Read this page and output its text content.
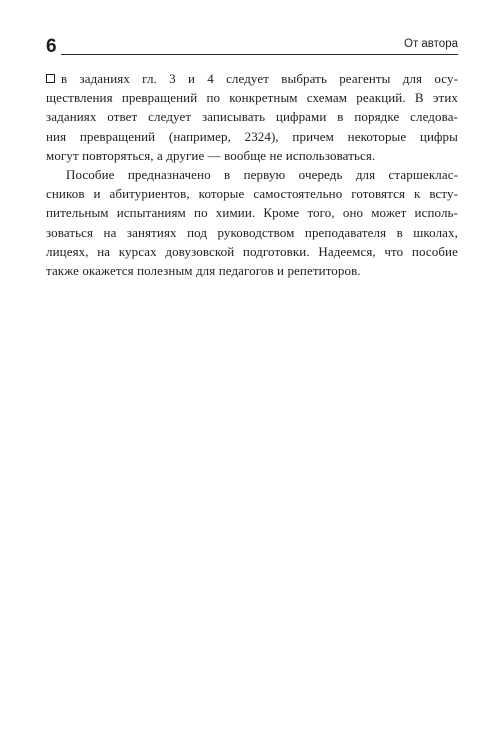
6	От автора
в заданиях гл. 3 и 4 следует выбрать реагенты для осу-
ществления превращений по конкретным схемам реакций. В этих
заданиях ответ следует записывать цифрами в порядке следова-
ния превращений (например, 2324), причем некоторые цифры
могут повторяться, а другие — вообще не использоваться.
Пособие предназначено в первую очередь для старшеклас-
сников и абитуриентов, которые самостоятельно готовятся к всту-
пительным испытаниям по химии. Кроме того, оно может исполь-
зоваться на занятиях под руководством преподавателя в школах,
лицеях, на курсах довузовской подготовки. Надеемся, что пособие
также окажется полезным для педагогов и репетиторов.
